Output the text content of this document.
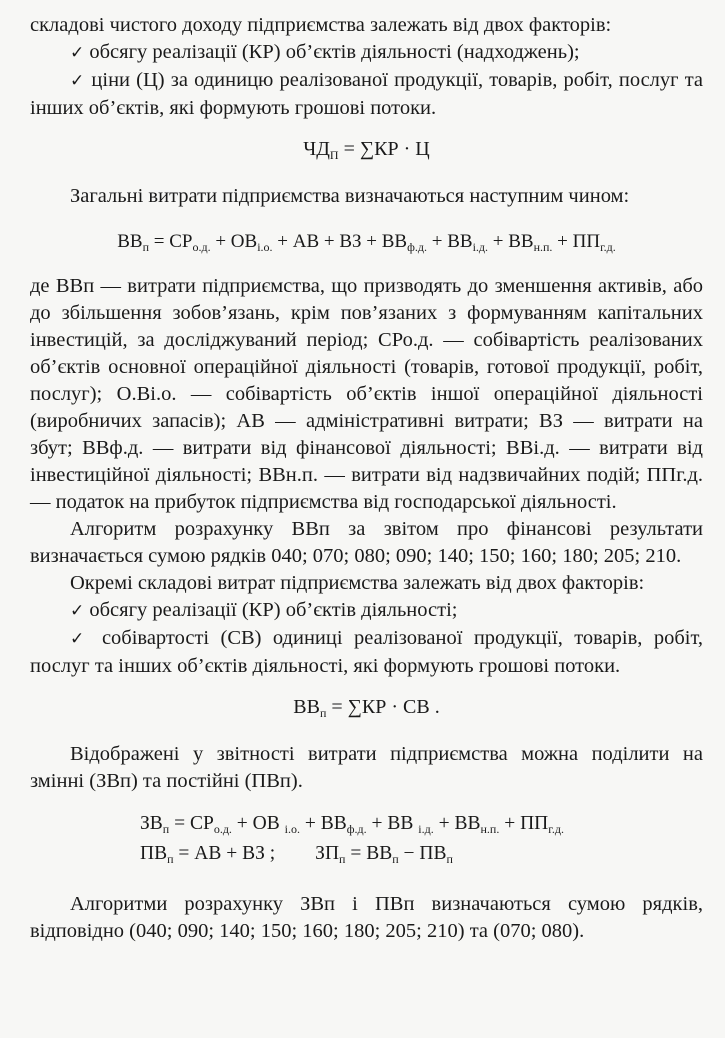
складові чистого доходу підприємства залежать від двох факторів:

✓ обсягу реалізації (КР) об’єктів діяльності (надходжень);

✓ ціни (Ц) за одиницю реалізованої продукції, товарів, робіт, послуг та інших об’єктів, які формують грошові потоки.

$ЧД_П = \sum КР \cdot Ц$

Загальні витрати підприємства визначаються наступним чином:

$ВВ_п = СР_{о.д.} + ОВ_{і.о.}$ + АВ + ВЗ + $ВВ_{ф.д.} + ВВ_{і.д.} + ВВ_{н.п.} + ПП_{г.д.}$

де ВВп — витрати підприємства, що призводять до зменшення активів, або до збільшення зобов’язань, крім пов’язаних з формуванням капітальних інвестицій, за досліджуваний період; СРо.д. — собівартість реалізованих об’єктів основної операційної діяльності (товарів, готової продукції, робіт, послуг); О.Ві.о. — собівартість об’єктів іншої операційної діяльності (виробничих запасів); АВ — адміністративні витрати; ВЗ — витрати на збут; ВВф.д. — витрати від фінансової діяльності; ВВі.д. — витрати від інвестиційної діяльності; ВВн.п. — витрати від надзвичайних подій; ППг.д. — податок на прибуток підприємства від господарської діяльності.

Алгоритм розрахунку ВВп за звітом про фінансові результати визначається сумою рядків 040; 070; 080; 090; 140; 150; 160; 180; 205; 210.

Окремі складові витрат підприємства залежать від двох факторів:

✓ обсягу реалізації (КР) об’єктів діяльності;

✓ собівартості (СВ) одиниці реалізованої продукції, товарів, робіт, послуг та інших об’єктів діяльності, які формують грошові потоки.

$ВВ_п = \sum КР$ · СВ .

Відображені у звітності витрати підприємства можна поділити на змінні (ЗВп) та постійні (ПВп).

$ЗВ_п = СР_{о.д.}$ + ОВ $_{і.о.} + ВВ_{ф.д.}$ + ВВ $_{і.д.} + ВВ_{н.п.} + ПП_{г.д.}$
$ПВ_п$ = АВ + ВЗ ; $ЗП_п = ВВ_п - ПВ_п$

Алгоритми розрахунку ЗВп і ПВп визначаються сумою рядків, відповідно (040; 090; 140; 150; 160; 180; 205; 210) та (070; 080).
